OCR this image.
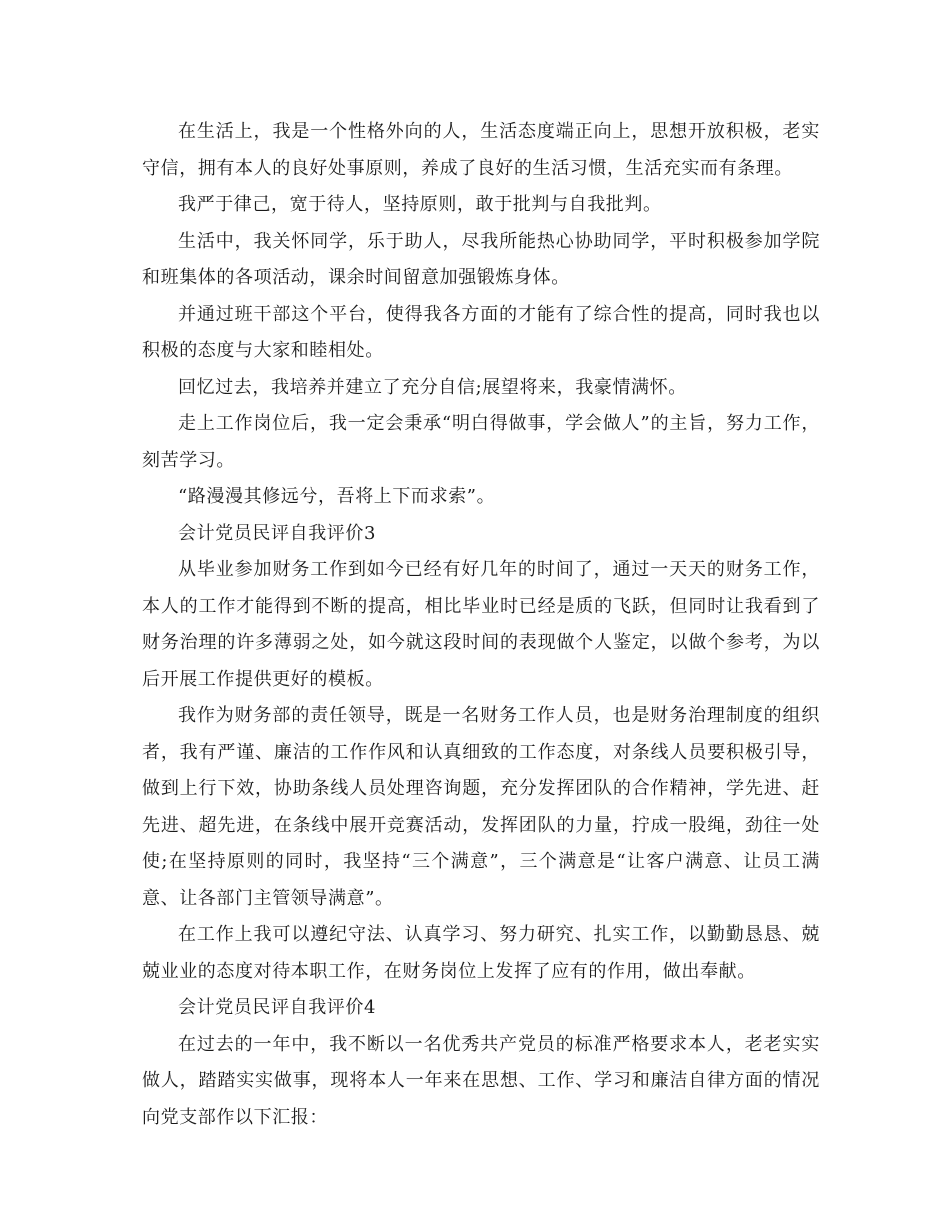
在生活上，我是一个性格外向的人，生活态度端正向上，思想开放积极，老实守信，拥有本人的良好处事原则，养成了良好的生活习惯，生活充实而有条理。

我严于律己，宽于待人，坚持原则，敢于批判与自我批判。

生活中，我关怀同学，乐于助人，尽我所能热心协助同学，平时积极参加学院和班集体的各项活动，课余时间留意加强锻炼身体。

并通过班干部这个平台，使得我各方面的才能有了综合性的提高，同时我也以积极的态度与大家和睦相处。

回忆过去，我培养并建立了充分自信;展望将来，我豪情满怀。

走上工作岗位后，我一定会秉承“明白得做事，学会做人”的主旨，努力工作，刻苦学习。

“路漫漫其修远兮，吾将上下而求索”。

会计党员民评自我评价3

从毕业参加财务工作到如今已经有好几年的时间了，通过一天天的财务工作，本人的工作才能得到不断的提高，相比毕业时已经是质的飞跃，但同时让我看到了财务治理的许多薄弱之处，如今就这段时间的表现做个人鉴定，以做个参考，为以后开展工作提供更好的模板。

我作为财务部的责任领导，既是一名财务工作人员，也是财务治理制度的组织者，我有严谨、廉洁的工作作风和认真细致的工作态度，对条线人员要积极引导，做到上行下效，协助条线人员处理咨询题，充分发挥团队的合作精神，学先进、赶先进、超先进，在条线中展开竞赛活动，发挥团队的力量，拧成一股绳，劲往一处使;在坚持原则的同时，我坚持“三个满意”，三个满意是“让客户满意、让员工满意、让各部门主管领导满意”。

在工作上我可以遵纪守法、认真学习、努力研究、扎实工作，以勤勤恳恳、兢兢业业的态度对待本职工作，在财务岗位上发挥了应有的作用，做出奉献。

会计党员民评自我评价4

在过去的一年中，我不断以一名优秀共产党员的标准严格要求本人，老老实实做人，踏踏实实做事，现将本人一年来在思想、工作、学习和廉洁自律方面的情况向党支部作以下汇报：
